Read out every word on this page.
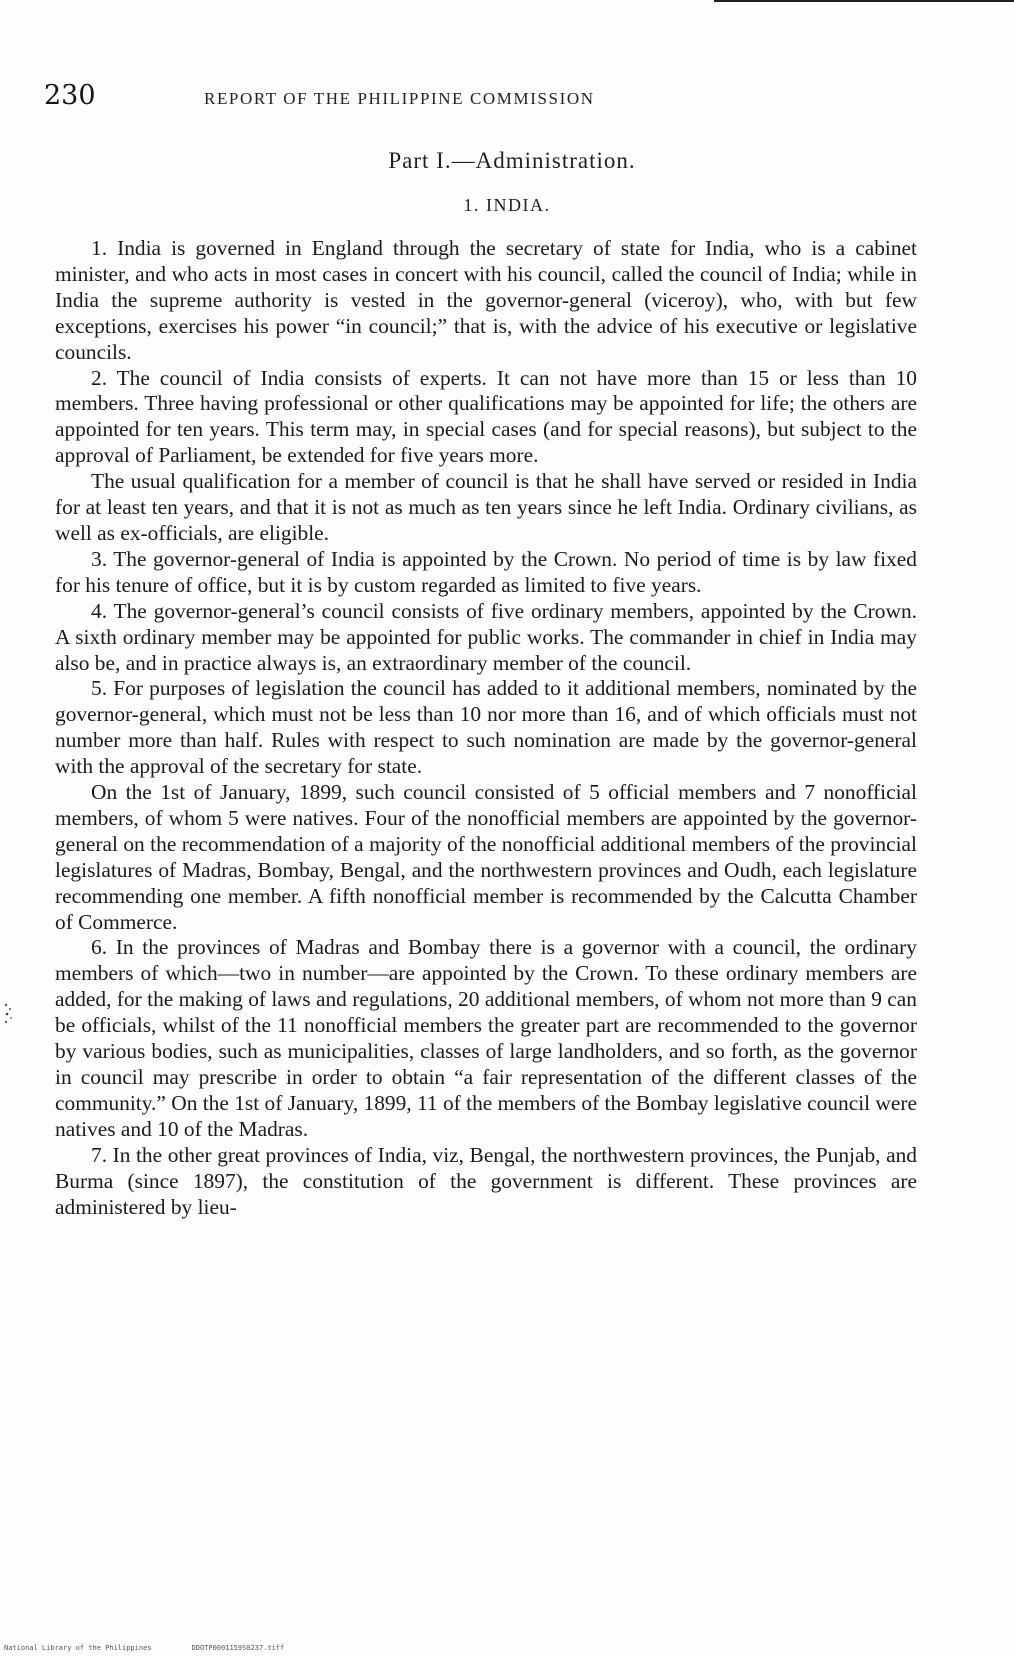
230	REPORT OF THE PHILIPPINE COMMISSION
Part I.—Administration.
1. INDIA.

1. India is governed in England through the secretary of state for India, who is a cabinet minister, and who acts in most cases in concert with his council, called the council of India; while in India the supreme authority is vested in the governor-general (viceroy), who, with but few exceptions, exercises his power “in council;” that is, with the advice of his executive or legislative councils.

2. The council of India consists of experts. It can not have more than 15 or less than 10 members. Three having professional or other qualifications may be appointed for life; the others are appointed for ten years. This term may, in special cases (and for special reasons), but subject to the approval of Parliament, be extended for five years more.

The usual qualification for a member of council is that he shall have served or resided in India for at least ten years, and that it is not as much as ten years since he left India. Ordinary civilians, as well as ex-officials, are eligible.

3. The governor-general of India is appointed by the Crown. No period of time is by law fixed for his tenure of office, but it is by custom regarded as limited to five years.

4. The governor-general’s council consists of five ordinary members, appointed by the Crown. A sixth ordinary member may be appointed for public works. The commander in chief in India may also be, and in practice always is, an extraordinary member of the council.

5. For purposes of legislation the council has added to it additional members, nominated by the governor-general, which must not be less than 10 nor more than 16, and of which officials must not number more than half. Rules with respect to such nomination are made by the governor-general with the approval of the secretary for state.

On the 1st of January, 1899, such council consisted of 5 official members and 7 nonofficial members, of whom 5 were natives. Four of the nonofficial members are appointed by the governor-general on the recommendation of a majority of the nonofficial additional members of the provincial legislatures of Madras, Bombay, Bengal, and the northwestern provinces and Oudh, each legislature recommending one member. A fifth nonofficial member is recommended by the Calcutta Chamber of Commerce.

6. In the provinces of Madras and Bombay there is a governor with a council, the ordinary members of which—two in number—are appointed by the Crown. To these ordinary members are added, for the making of laws and regulations, 20 additional members, of whom not more than 9 can be officials, whilst of the 11 nonofficial members the greater part are recommended to the governor by various bodies, such as municipalities, classes of large landholders, and so forth, as the governor in council may prescribe in order to obtain “a fair representation of the different classes of the community.” On the 1st of January, 1899, 11 of the members of the Bombay legislative council were natives and 10 of the Madras.

7. In the other great provinces of India, viz, Bengal, the northwestern provinces, the Punjab, and Burma (since 1897), the constitution of the government is different. These provinces are administered by lieu-

National Library of the Philippines	DDOTP0001159S0237.tiff
